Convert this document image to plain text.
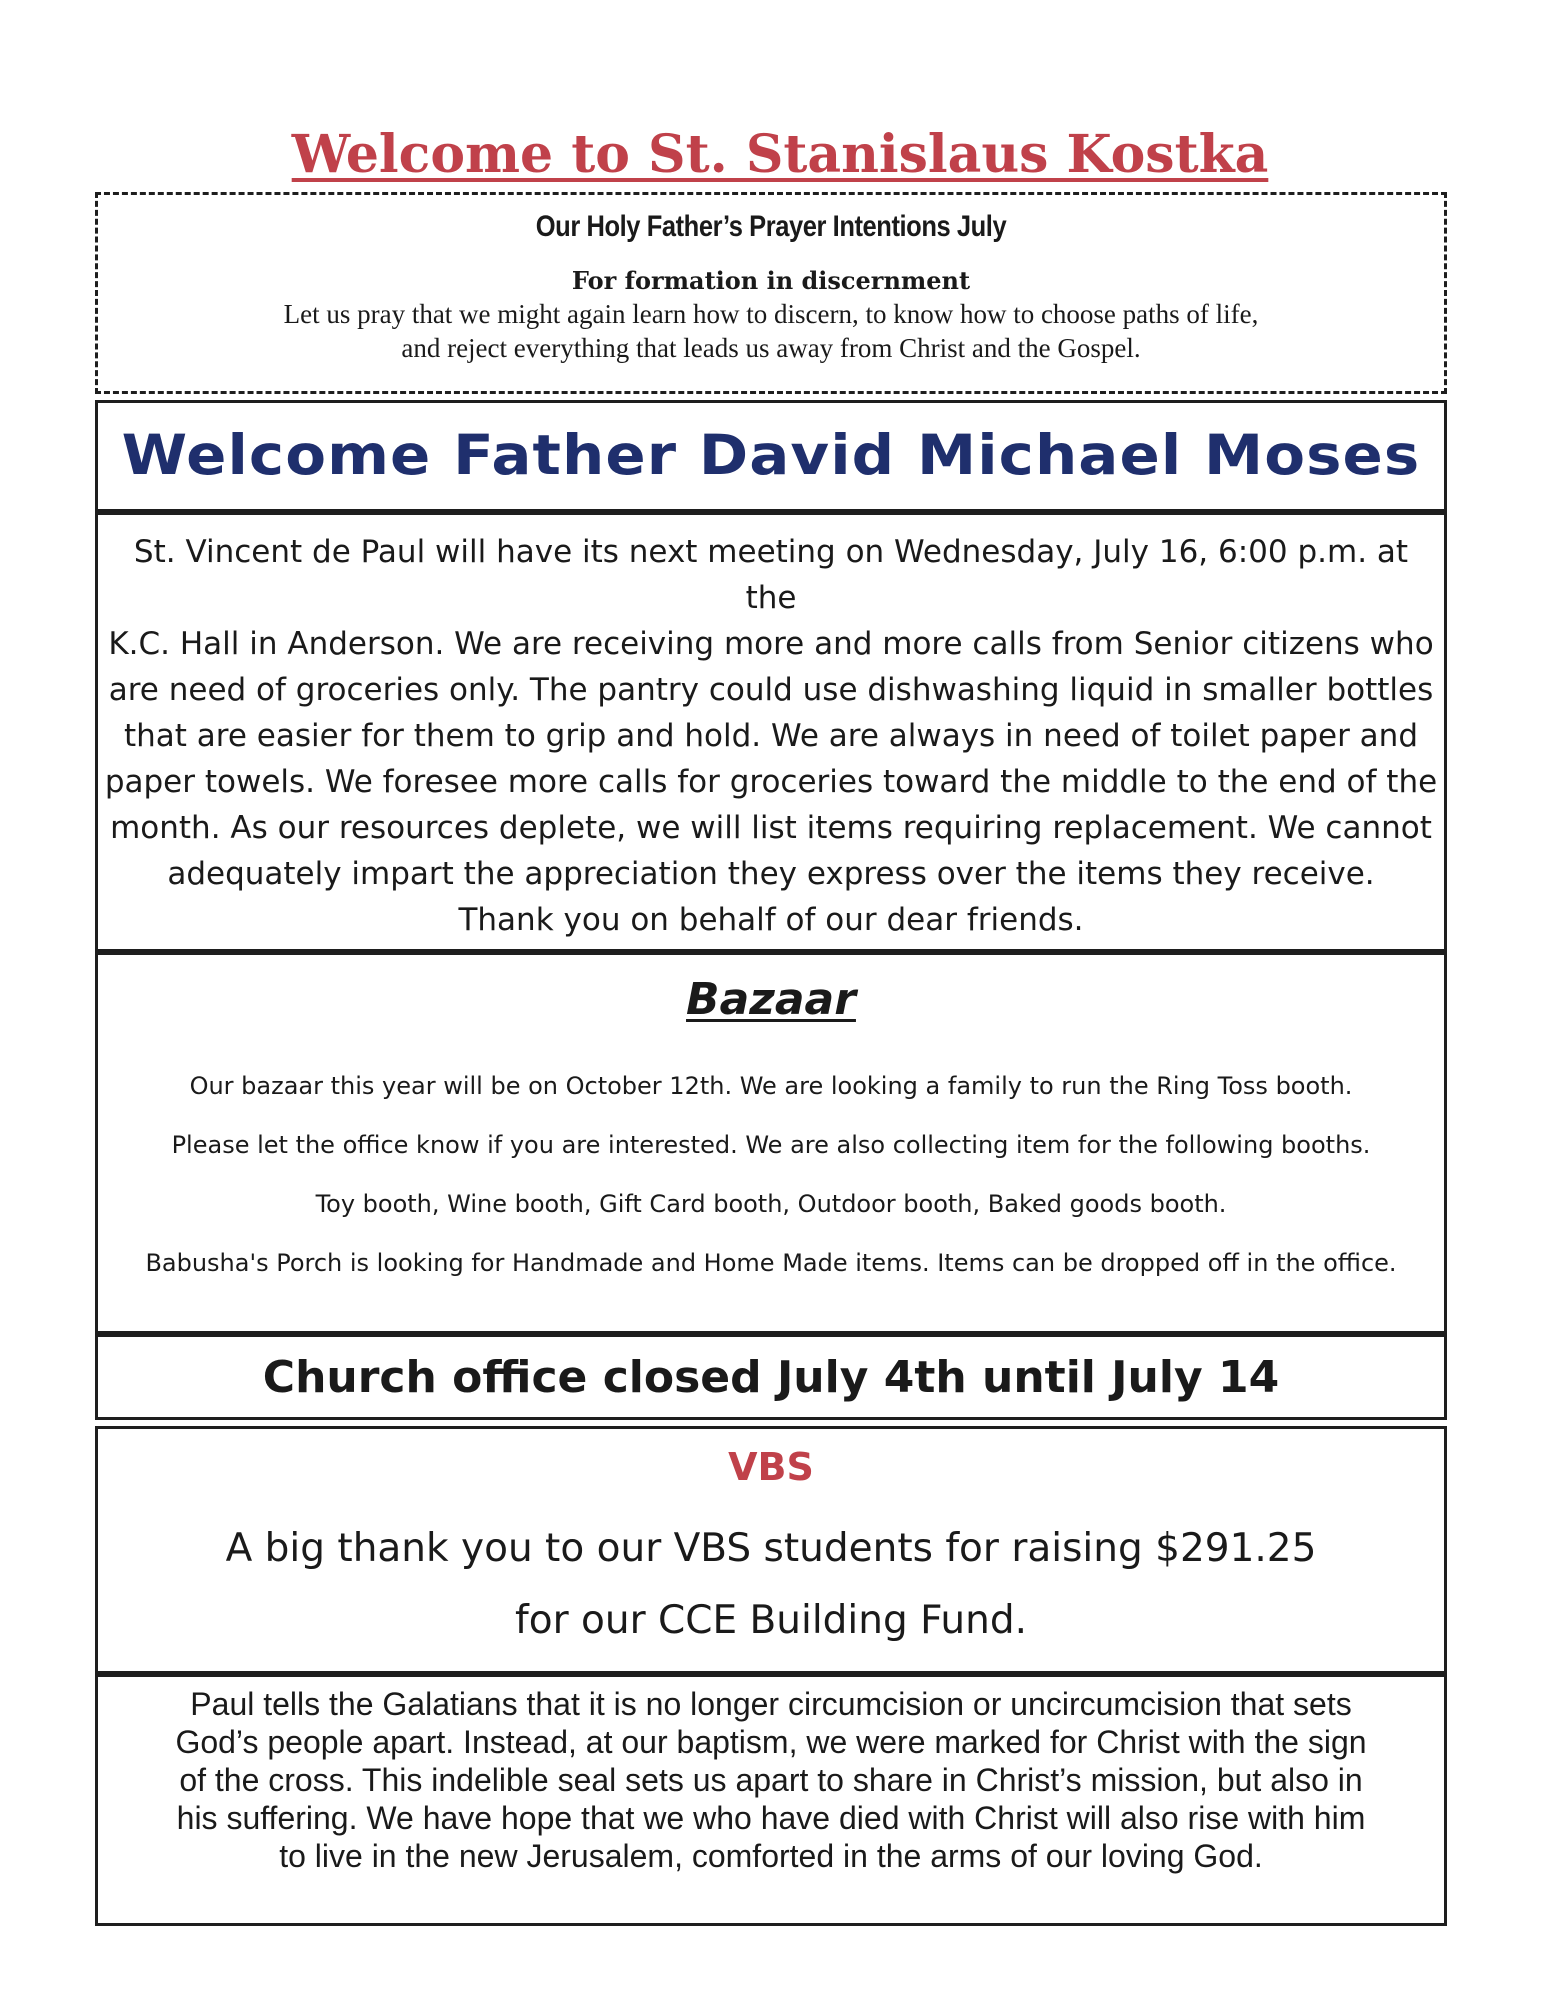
Welcome to St. Stanislaus Kostka
Our Holy Father’s Prayer Intentions July
For formation in discernment
Let us pray that we might again learn how to discern, to know how to choose paths of life,
and reject everything that leads us away from Christ and the Gospel.
Welcome Father David Michael Moses
St. Vincent de Paul will have its next meeting on Wednesday, July 16, 6:00 p.m. at the
K.C. Hall in Anderson. We are receiving more and more calls from Senior citizens who
are need of groceries only. The pantry could use dishwashing liquid in smaller bottles
that are easier for them to grip and hold. We are always in need of toilet paper and
paper towels. We foresee more calls for groceries toward the middle to the end of the
month. As our resources deplete, we will list items requiring replacement. We cannot
adequately impart the appreciation they express over the items they receive.
Thank you on behalf of our dear friends.
Bazaar
Our bazaar this year will be on October 12th. We are looking a family to run the Ring Toss booth.
Please let the office know if you are interested. We are also collecting item for the following booths.
Toy booth, Wine booth, Gift Card booth, Outdoor booth, Baked goods booth.
Babusha's Porch is looking for Handmade and Home Made items. Items can be dropped off in the office.
Church office closed July 4th until July 14
VBS
A big thank you to our VBS students for raising $291.25
for our CCE Building Fund.
Paul tells the Galatians that it is no longer circumcision or uncircumcision that sets
God’s people apart. Instead, at our baptism, we were marked for Christ with the sign
of the cross. This indelible seal sets us apart to share in Christ’s mission, but also in
his suffering. We have hope that we who have died with Christ will also rise with him
to live in the new Jerusalem, comforted in the arms of our loving God.
